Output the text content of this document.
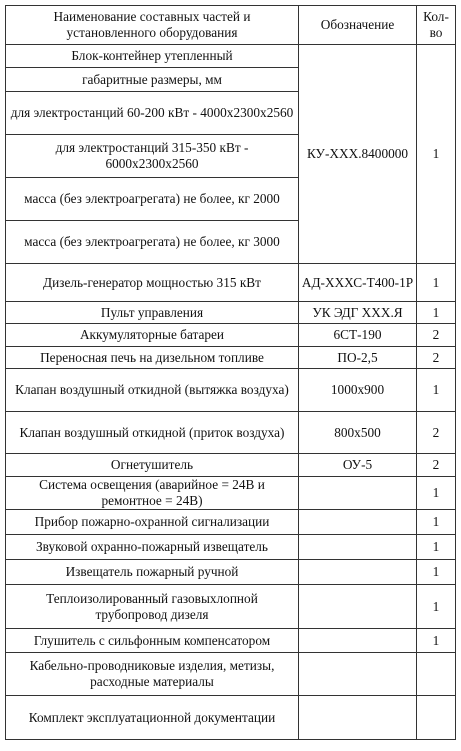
Наименование составных частей и установленного оборудования	Обозначение	Кол-во
Блок-контейнер утепленный	КУ-ХХХ.8400000	1
габаритные размеры, мм		
для электростанций 60-200 кВт - 4000х2300х2560		
для электростанций 315-350 кВт - 6000х2300х2560		
масса (без электроагрегата) не более, кг 2000		
масса (без электроагрегата) не более, кг 3000		
Дизель-генератор мощностью 315 кВт	АД-ХХХС-Т400-1Р	1
Пульт управления	УК ЭДГ ХХХ.Я	1
Аккумуляторные батареи	6СТ-190	2
Переносная печь на дизельном топливе	ПО-2,5	2
Клапан воздушный откидной (вытяжка воздуха)	1000х900	1
Клапан воздушный откидной (приток воздуха)	800х500	2
Огнетушитель	ОУ-5	2
Система освещения (аварийное = 24В и ремонтное = 24В)		1
Прибор пожарно-охранной сигнализации		1
Звуковой охранно-пожарный извещатель		1
Извещатель пожарный ручной		1
Теплоизолированный газовыхлопной трубопровод дизеля		1
Глушитель с сильфонным компенсатором		1
Кабельно-проводниковые изделия, метизы, расходные материалы		
Комплект эксплуатационной документации		
